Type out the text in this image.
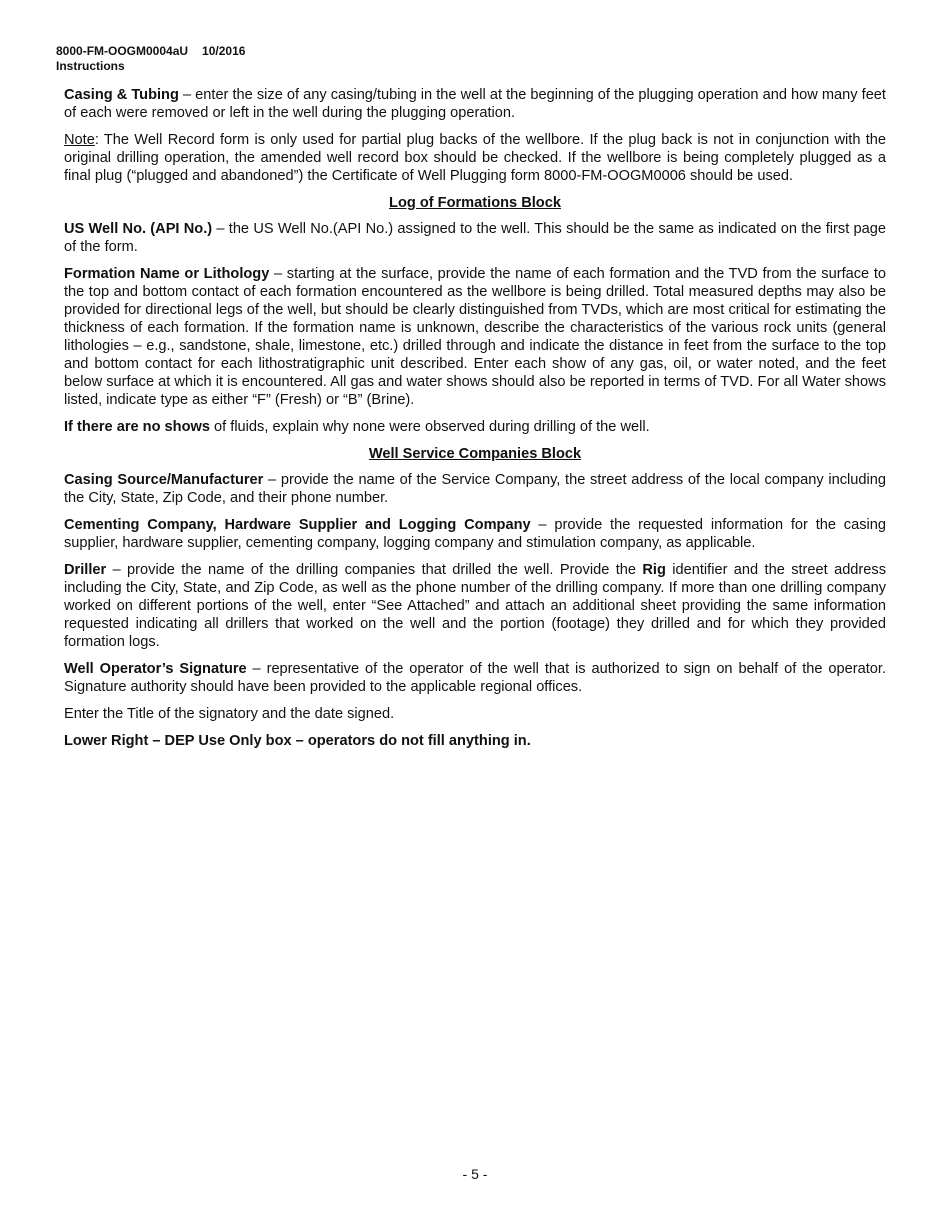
8000-FM-OOGM0004aU 10/2016
Instructions

Casing & Tubing – enter the size of any casing/tubing in the well at the beginning of the plugging operation and how many feet of each were removed or left in the well during the plugging operation.

Note: The Well Record form is only used for partial plug backs of the wellbore. If the plug back is not in conjunction with the original drilling operation, the amended well record box should be checked. If the wellbore is being completely plugged as a final plug (“plugged and abandoned”) the Certificate of Well Plugging form 8000-FM-OOGM0006 should be used.

Log of Formations Block

US Well No. (API No.) – the US Well No.(API No.) assigned to the well. This should be the same as indicated on the first page of the form.

Formation Name or Lithology – starting at the surface, provide the name of each formation and the TVD from the surface to the top and bottom contact of each formation encountered as the wellbore is being drilled. Total measured depths may also be provided for directional legs of the well, but should be clearly distinguished from TVDs, which are most critical for estimating the thickness of each formation. If the formation name is unknown, describe the characteristics of the various rock units (general lithologies – e.g., sandstone, shale, limestone, etc.) drilled through and indicate the distance in feet from the surface to the top and bottom contact for each lithostratigraphic unit described. Enter each show of any gas, oil, or water noted, and the feet below surface at which it is encountered. All gas and water shows should also be reported in terms of TVD. For all Water shows listed, indicate type as either “F” (Fresh) or “B” (Brine).

If there are no shows of fluids, explain why none were observed during drilling of the well.

Well Service Companies Block

Casing Source/Manufacturer – provide the name of the Service Company, the street address of the local company including the City, State, Zip Code, and their phone number.

Cementing Company, Hardware Supplier and Logging Company – provide the requested information for the casing supplier, hardware supplier, cementing company, logging company and stimulation company, as applicable.

Driller – provide the name of the drilling companies that drilled the well. Provide the Rig identifier and the street address including the City, State, and Zip Code, as well as the phone number of the drilling company. If more than one drilling company worked on different portions of the well, enter “See Attached” and attach an additional sheet providing the same information requested indicating all drillers that worked on the well and the portion (footage) they drilled and for which they provided formation logs.

Well Operator’s Signature – representative of the operator of the well that is authorized to sign on behalf of the operator. Signature authority should have been provided to the applicable regional offices.

Enter the Title of the signatory and the date signed.

Lower Right – DEP Use Only box – operators do not fill anything in.

- 5 -
